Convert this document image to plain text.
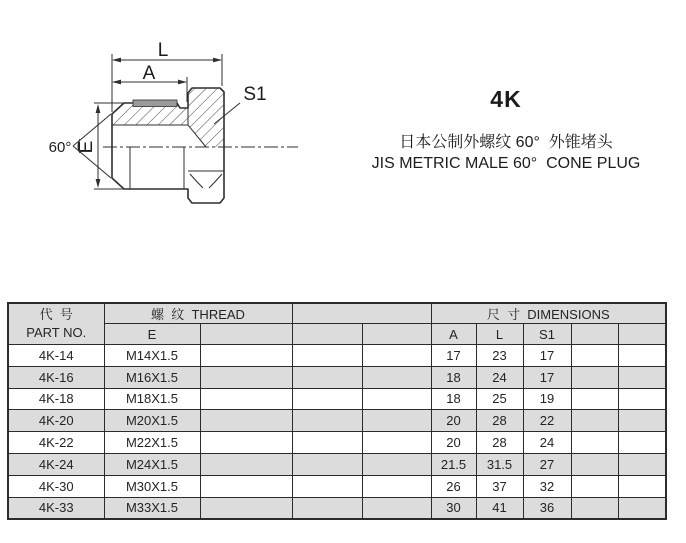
L
A
S1
E
60°
4K
日本公制外螺纹 60°  外锥堵头
JIS METRIC MALE 60°  CONE PLUG
代  号
PART NO.	螺  纹  THREAD				尺  寸  DIMENSIONS				
	E				A	L	S1		
4K-14	M14X1.5				17	23	17		
4K-16	M16X1.5				18	24	17		
4K-18	M18X1.5				18	25	19		
4K-20	M20X1.5				20	28	22		
4K-22	M22X1.5				20	28	24		
4K-24	M24X1.5				21.5	31.5	27		
4K-30	M30X1.5				26	37	32		
4K-33	M33X1.5				30	41	36		
